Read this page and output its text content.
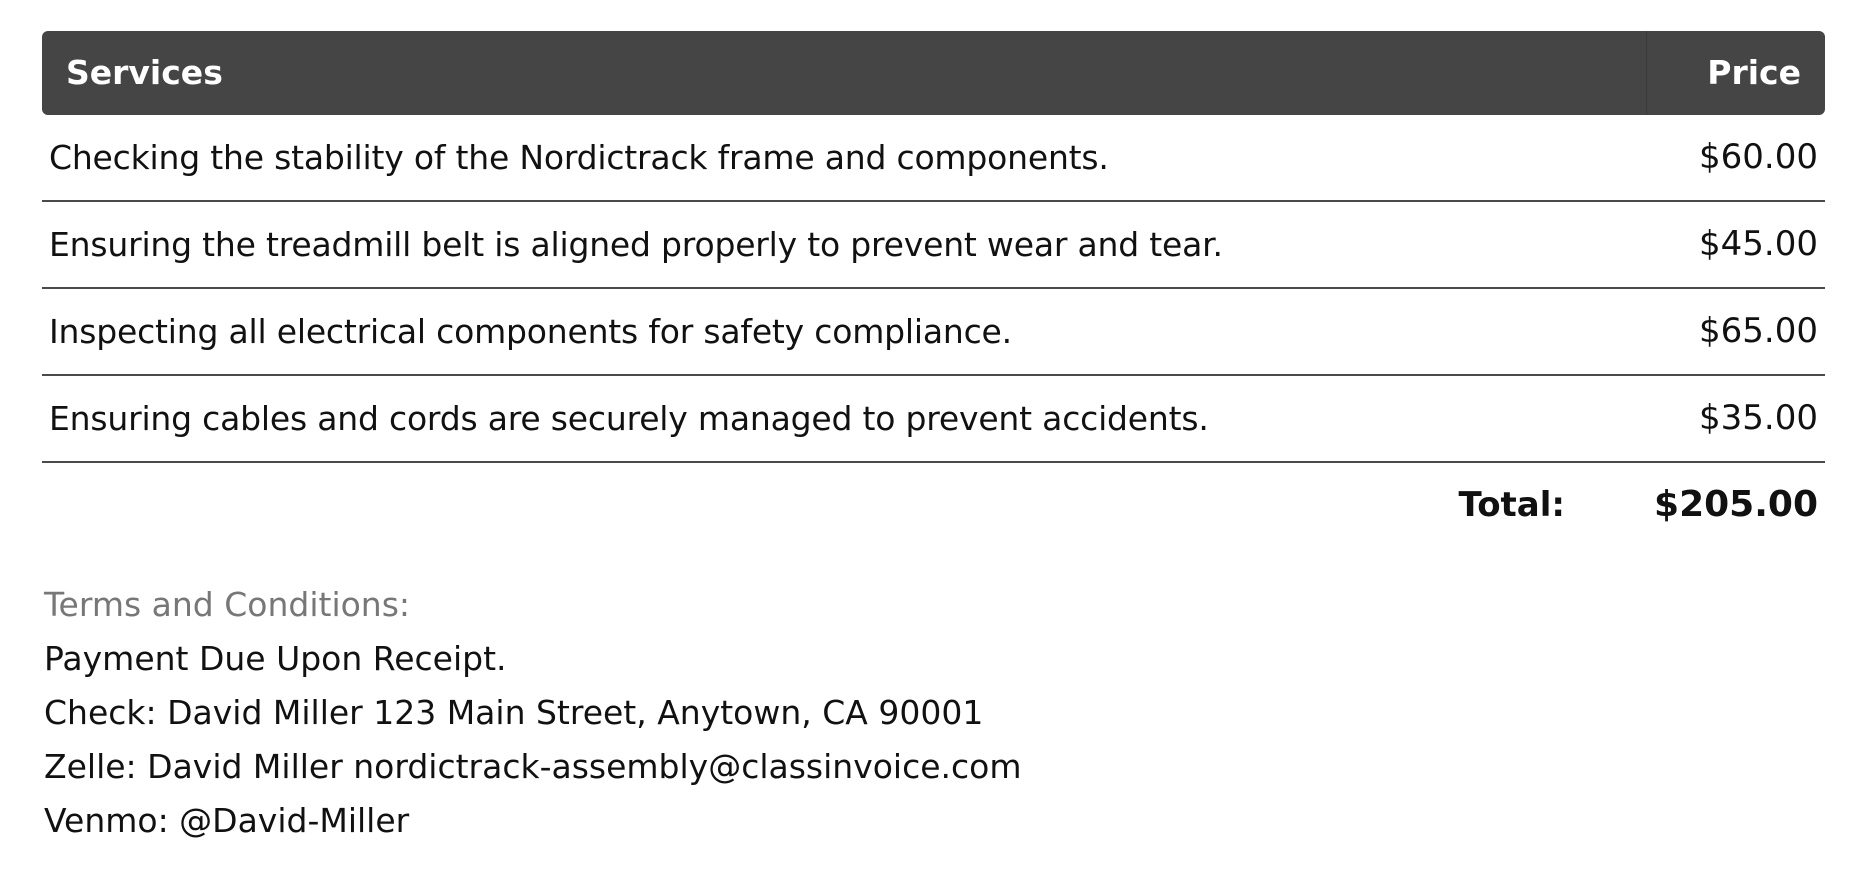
Services	Price
Checking the stability of the Nordictrack frame and components.	$60.00
Ensuring the treadmill belt is aligned properly to prevent wear and tear.	$45.00
Inspecting all electrical components for safety compliance.	$65.00
Ensuring cables and cords are securely managed to prevent accidents.	$35.00
Total: $205.00
Terms and Conditions:
Payment Due Upon Receipt.
Check: David Miller 123 Main Street, Anytown, CA 90001
Zelle: David Miller nordictrack-assembly@classinvoice.com
Venmo: @David-Miller
